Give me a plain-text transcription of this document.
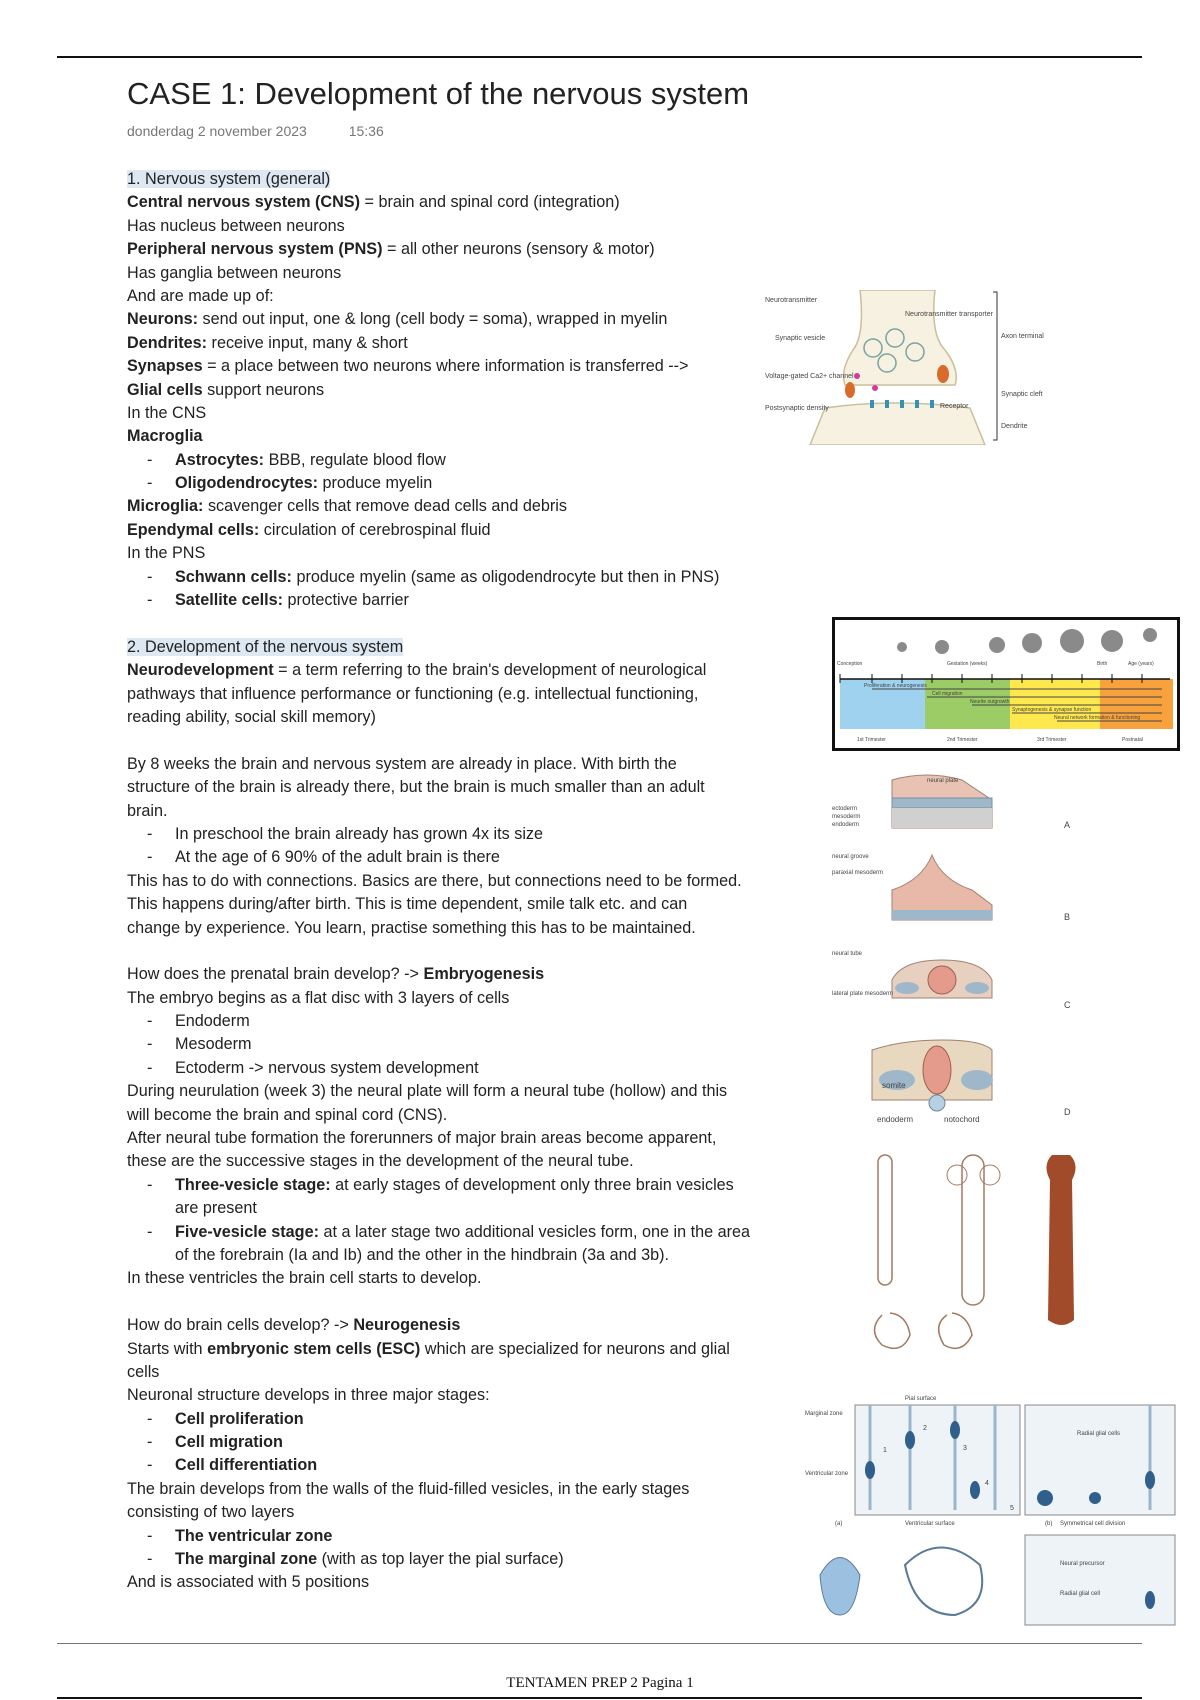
CASE 1: Development of the nervous system
donderdag 2 november 2023	15:36
1. Nervous system (general)
Central nervous system (CNS) = brain and spinal cord (integration)
Has nucleus between neurons
Peripheral nervous system (PNS) = all other neurons (sensory & motor)
Has ganglia between neurons
And are made up of:
Neurons: send out input, one & long (cell body = soma), wrapped in myelin
Dendrites: receive input, many & short
Synapses = a place between two neurons where information is transferred -->
Glial cells support neurons
In the CNS
Macroglia
- Astrocytes: BBB, regulate blood flow
- Oligodendrocytes: produce myelin
Microglia: scavenger cells that remove dead cells and debris
Ependymal cells: circulation of cerebrospinal fluid
In the PNS
- Schwann cells: produce myelin (same as oligodendrocyte but then in PNS)
- Satellite cells: protective barrier
2. Development of the nervous system
Neurodevelopment = a term referring to the brain's development of neurological
pathways that influence performance or functioning (e.g. intellectual functioning,
reading ability, social skill memory)
By 8 weeks the brain and nervous system are already in place. With birth the
structure of the brain is already there, but the brain is much smaller than an adult
brain.
- In preschool the brain already has grown 4x its size
- At the age of 6 90% of the adult brain is there
This has to do with connections. Basics are there, but connections need to be formed.
This happens during/after birth. This is time dependent, smile talk etc. and can
change by experience. You learn, practise something this has to be maintained.
How does the prenatal brain develop? -> Embryogenesis
The embryo begins as a flat disc with 3 layers of cells
- Endoderm
- Mesoderm
- Ectoderm -> nervous system development
During neurulation (week 3) the neural plate will form a neural tube (hollow) and this
will become the brain and spinal cord (CNS).
After neural tube formation the forerunners of major brain areas become apparent,
these are the successive stages in the development of the neural tube.
- Three-vesicle stage: at early stages of development only three brain vesicles
are present
- Five-vesicle stage: at a later stage two additional vesicles form, one in the area
of the forebrain (Ia and Ib) and the other in the hindbrain (3a and 3b).
In these ventricles the brain cell starts to develop.
How do brain cells develop? -> Neurogenesis
Starts with embryonic stem cells (ESC) which are specialized for neurons and glial
cells
Neuronal structure develops in three major stages:
- Cell proliferation
- Cell migration
- Cell differentiation
The brain develops from the walls of the fluid-filled vesicles, in the early stages
consisting of two layers
- The ventricular zone
- The marginal zone (with as top layer the pial surface)
And is associated with 5 positions
Neurotransmitter
Synaptic vesicle
Voltage-gated Ca2+ channel
Postsynaptic density
Neurotransmitter transporter
Receptor
Axon terminal
Synaptic cleft
Dendrite
Conception	Gestation (weeks)	Birth	Age (years)
Proliferation & neurogenesis
Cell migration
Neurite outgrowth
Synaptogenesis & synapse function
Neural network formation & functioning
1st Trimester	2nd Trimester	3rd Trimester	Postnatal
ectoderm
mesoderm
endoderm
neural plate
neural groove
paraxial mesoderm
neural tube
lateral plate mesoderm
somite
notochord
endoderm
A
B
C
D
Pial surface
Marginal zone
Ventricular zone
(a)	Ventricular surface	(b) Symmetrical cell division
Radial glial cells
Neural precursor
Radial glial cell
1
2
3
4
5
TENTAMEN PREP 2 Pagina 1
